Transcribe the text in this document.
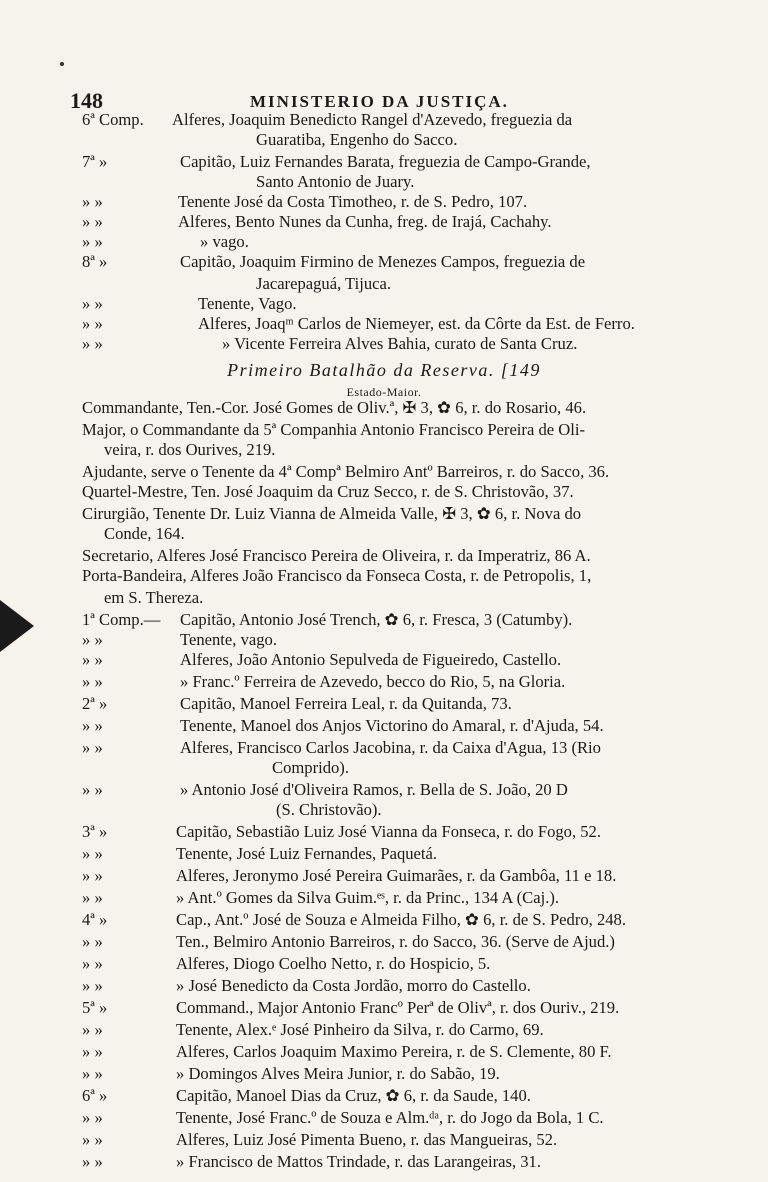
148	MINISTERIO DA JUSTIÇA.
6ª Comp. Alferes, Joaquim Benedicto Rangel d'Azevedo, freguezia da
Guaratiba, Engenho do Sacco.
7ª »	Capitão, Luiz Fernandes Barata, freguezia de Campo-Grande,
Santo Antonio de Juary.
» »	Tenente José da Costa Timotheo, r. de S. Pedro, 107.
» »	Alferes, Bento Nunes da Cunha, freg. de Irajá, Cachahy.
» »	» vago.
8ª »	Capitão, Joaquim Firmino de Menezes Campos, freguezia de
Jacarepaguá, Tijuca.
» »	Tenente, Vago.
» »	Alferes, Joaqᵐ Carlos de Niemeyer, est. da Côrte da Est. de Ferro.
» »	» Vicente Ferreira Alves Bahia, curato de Santa Cruz.
Primeiro Batalhão da Reserva. [149
Estado-Maior.
Commandante, Ten.-Cor. José Gomes de Oliv.ª, ✠ 3, ✿ 6, r. do Rosario, 46.
Major, o Commandante da 5ª Companhia Antonio Francisco Pereira de Oli-
veira, r. dos Ourives, 219.
Ajudante, serve o Tenente da 4ª Compª Belmiro Antº Barreiros, r. do Sacco, 36.
Quartel-Mestre, Ten. José Joaquim da Cruz Secco, r. de S. Christovão, 37.
Cirurgião, Tenente Dr. Luiz Vianna de Almeida Valle, ✠ 3, ✿ 6, r. Nova do
Conde, 164.
Secretario, Alferes José Francisco Pereira de Oliveira, r. da Imperatriz, 86 A.
Porta-Bandeira, Alferes João Francisco da Fonseca Costa, r. de Petropolis, 1,
em S. Thereza.
1ª Comp.— Capitão, Antonio José Trench, ✿ 6, r. Fresca, 3 (Catumby).
» »	Tenente, vago.
» »	Alferes, João Antonio Sepulveda de Figueiredo, Castello.
» »	» Franc.º Ferreira de Azevedo, becco do Rio, 5, na Gloria.
2ª »	Capitão, Manoel Ferreira Leal, r. da Quitanda, 73.
» »	Tenente, Manoel dos Anjos Victorino do Amaral, r. d'Ajuda, 54.
» »	Alferes, Francisco Carlos Jacobina, r. da Caixa d'Agua, 13 (Rio
Comprido).
» »	» Antonio José d'Oliveira Ramos, r. Bella de S. João, 20 D
(S. Christovão).
3ª »	Capitão, Sebastião Luiz José Vianna da Fonseca, r. do Fogo, 52.
» »	Tenente, José Luiz Fernandes, Paquetá.
» »	Alferes, Jeronymo José Pereira Guimarães, r. da Gambôa, 11 e 18.
» »	» Ant.º Gomes da Silva Guim.ᵉˢ, r. da Princ., 134 A (Caj.).
4ª »	Cap., Ant.º José de Souza e Almeida Filho, ✿ 6, r. de S. Pedro, 248.
» »	Ten., Belmiro Antonio Barreiros, r. do Sacco, 36. (Serve de Ajud.)
» »	Alferes, Diogo Coelho Netto, r. do Hospicio, 5.
» »	» José Benedicto da Costa Jordão, morro do Castello.
5ª »	Command., Major Antonio Francº Perª de Olivª, r. dos Ouriv., 219.
» »	Tenente, Alex.ᵉ José Pinheiro da Silva, r. do Carmo, 69.
» »	Alferes, Carlos Joaquim Maximo Pereira, r. de S. Clemente, 80 F.
» »	» Domingos Alves Meira Junior, r. do Sabão, 19.
6ª »	Capitão, Manoel Dias da Cruz, ✿ 6, r. da Saude, 140.
» »	Tenente, José Franc.º de Souza e Alm.ᵈᵃ, r. do Jogo da Bola, 1 C.
» »	Alferes, Luiz José Pimenta Bueno, r. das Mangueiras, 52.
» »	» Francisco de Mattos Trindade, r. das Larangeiras, 31.
